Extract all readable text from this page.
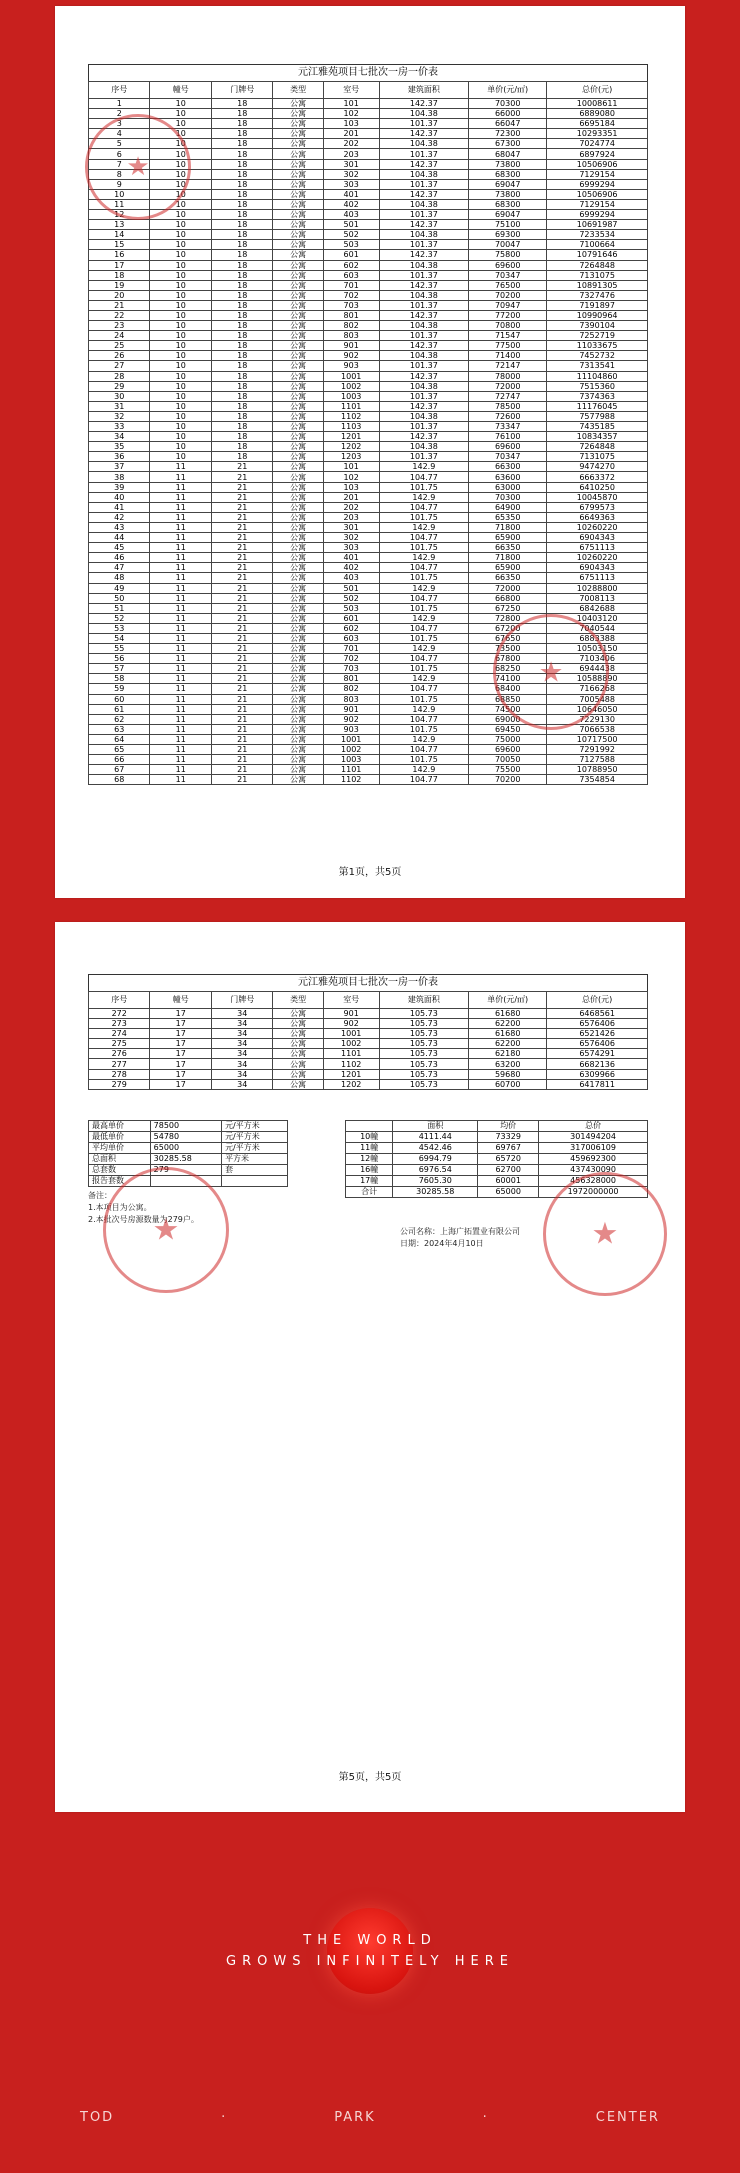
元江雅苑项目七批次一房一价表
序号	幢号	门牌号	类型	室号	建筑面积	单价(元/㎡)	总价(元)
1	10	18	公寓	101	142.37	70300	10008611
2	10	18	公寓	102	104.38	66000	6889080
3	10	18	公寓	103	101.37	66047	6695184
4	10	18	公寓	201	142.37	72300	10293351
5	10	18	公寓	202	104.38	67300	7024774
6	10	18	公寓	203	101.37	68047	6897924
7	10	18	公寓	301	142.37	73800	10506906
8	10	18	公寓	302	104.38	68300	7129154
9	10	18	公寓	303	101.37	69047	6999294
10	10	18	公寓	401	142.37	73800	10506906
11	10	18	公寓	402	104.38	68300	7129154
12	10	18	公寓	403	101.37	69047	6999294
13	10	18	公寓	501	142.37	75100	10691987
14	10	18	公寓	502	104.38	69300	7233534
15	10	18	公寓	503	101.37	70047	7100664
16	10	18	公寓	601	142.37	75800	10791646
17	10	18	公寓	602	104.38	69600	7264848
18	10	18	公寓	603	101.37	70347	7131075
19	10	18	公寓	701	142.37	76500	10891305
20	10	18	公寓	702	104.38	70200	7327476
21	10	18	公寓	703	101.37	70947	7191897
22	10	18	公寓	801	142.37	77200	10990964
23	10	18	公寓	802	104.38	70800	7390104
24	10	18	公寓	803	101.37	71547	7252719
25	10	18	公寓	901	142.37	77500	11033675
26	10	18	公寓	902	104.38	71400	7452732
27	10	18	公寓	903	101.37	72147	7313541
28	10	18	公寓	1001	142.37	78000	11104860
29	10	18	公寓	1002	104.38	72000	7515360
30	10	18	公寓	1003	101.37	72747	7374363
31	10	18	公寓	1101	142.37	78500	11176045
32	10	18	公寓	1102	104.38	72600	7577988
33	10	18	公寓	1103	101.37	73347	7435185
34	10	18	公寓	1201	142.37	76100	10834357
35	10	18	公寓	1202	104.38	69600	7264848
36	10	18	公寓	1203	101.37	70347	7131075
37	11	21	公寓	101	142.9	66300	9474270
38	11	21	公寓	102	104.77	63600	6663372
39	11	21	公寓	103	101.75	63000	6410250
40	11	21	公寓	201	142.9	70300	10045870
41	11	21	公寓	202	104.77	64900	6799573
42	11	21	公寓	203	101.75	65350	6649363
43	11	21	公寓	301	142.9	71800	10260220
44	11	21	公寓	302	104.77	65900	6904343
45	11	21	公寓	303	101.75	66350	6751113
46	11	21	公寓	401	142.9	71800	10260220
47	11	21	公寓	402	104.77	65900	6904343
48	11	21	公寓	403	101.75	66350	6751113
49	11	21	公寓	501	142.9	72000	10288800
50	11	21	公寓	502	104.77	66800	7008113
51	11	21	公寓	503	101.75	67250	6842688
52	11	21	公寓	601	142.9	72800	10403120
53	11	21	公寓	602	104.77	67200	7040544
54	11	21	公寓	603	101.75	67650	6883388
55	11	21	公寓	701	142.9	73500	10503150
56	11	21	公寓	702	104.77	67800	7103406
57	11	21	公寓	703	101.75	68250	6944438
58	11	21	公寓	801	142.9	74100	10588890
59	11	21	公寓	802	104.77	68400	7166268
60	11	21	公寓	803	101.75	68850	7005488
61	11	21	公寓	901	142.9	74500	10646050
62	11	21	公寓	902	104.77	69000	7229130
63	11	21	公寓	903	101.75	69450	7066538
64	11	21	公寓	1001	142.9	75000	10717500
65	11	21	公寓	1002	104.77	69600	7291992
66	11	21	公寓	1003	101.75	70050	7127588
67	11	21	公寓	1101	142.9	75500	10788950
68	11	21	公寓	1102	104.77	70200	7354854
★
★
第1页，共5页
元江雅苑项目七批次一房一价表
序号	幢号	门牌号	类型	室号	建筑面积	单价(元/㎡)	总价(元)
272	17	34	公寓	901	105.73	61680	6468561
273	17	34	公寓	902	105.73	62200	6576406
274	17	34	公寓	1001	105.73	61680	6521426
275	17	34	公寓	1002	105.73	62200	6576406
276	17	34	公寓	1101	105.73	62180	6574291
277	17	34	公寓	1102	105.73	63200	6682136
278	17	34	公寓	1201	105.73	59680	6309966
279	17	34	公寓	1202	105.73	60700	6417811
最高单价	78500	元/平方米
最低单价	54780	元/平方米
平均单价	65000	元/平方米
总面积	30285.58	平方米
总套数	279	套
报告套数		
	面积	均价	总价
10幢	4111.44	73329	301494204
11幢	4542.46	69767	317006109
12幢	6994.79	65720	459692300
16幢	6976.54	62700	437430090
17幢	7605.30	60001	456328000
合计	30285.58	65000	1972000000
备注：
1.本项目为公寓。
2.本批次号房源数量为279户。
公司名称：上海广拓置业有限公司
日期：2024年4月10日
★	★
第5页，共5页
THE WORLD
GROWS INFINITELY HERE
TOD	·	PARK	·	CENTER
